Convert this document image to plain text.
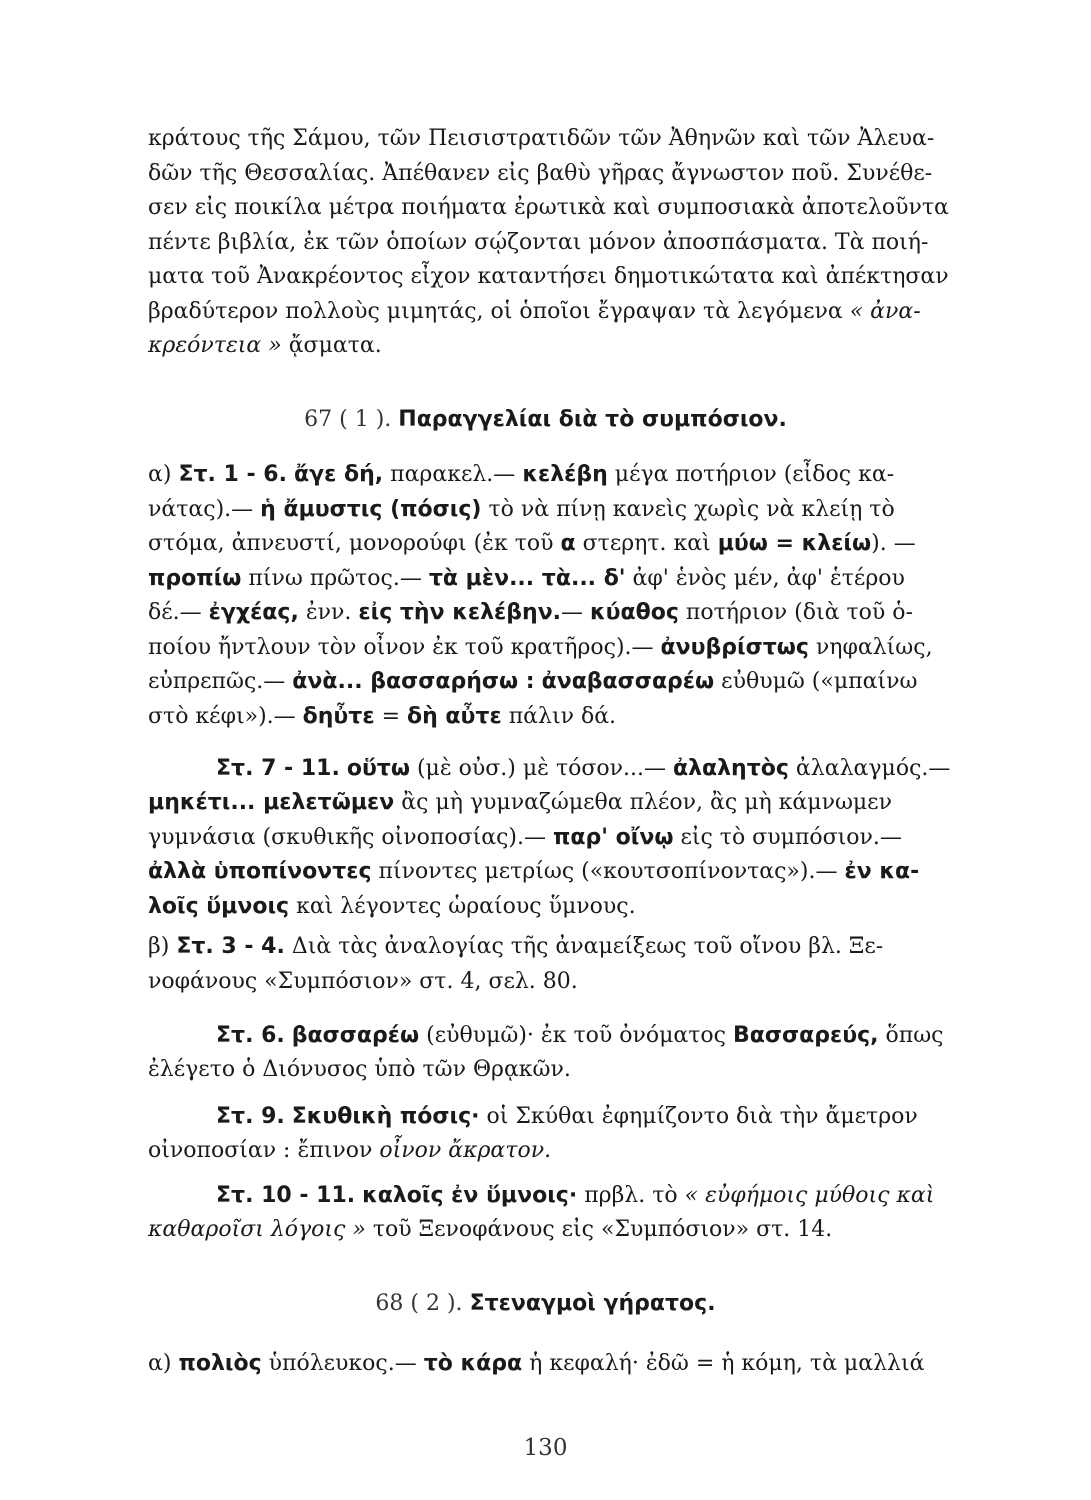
κράτους τῆς Σάμου, τῶν Πεισιστρατιδῶν τῶν Ἀθηνῶν καὶ τῶν Ἀλευα-
δῶν τῆς Θεσσαλίας. Ἀπέθανεν εἰς βαθὺ γῆρας ἄγνωστον ποῦ. Συνέθε-
σεν εἰς ποικίλα μέτρα ποιήματα ἐρωτικὰ καὶ συμποσιακὰ ἀποτελοῦντα
πέντε βιβλία, ἐκ τῶν ὁποίων σῴζονται μόνον ἀποσπάσματα. Τὰ ποιή-
ματα τοῦ Ἀνακρέοντος εἶχον καταντήσει δημοτικώτατα καὶ ἀπέκτησαν
βραδύτερον πολλοὺς μιμητάς, οἱ ὁποῖοι ἔγραψαν τὰ λεγόμενα « ἀνα-
κρεόντεια » ᾄσματα.

67 ( 1 ). Παραγγελίαι διὰ τὸ συμπόσιον.

α) Στ. 1 - 6. ἄγε δή, παρακελ.— κελέβη μέγα ποτήριον (εἶδος κα-
νάτας).— ἡ ἄμυστις (πόσις) τὸ νὰ πίνῃ κανεὶς χωρὶς νὰ κλείῃ τὸ
στόμα, ἀπνευστί, μονορούφι (ἐκ τοῦ α στερητ. καὶ μύω = κλείω). —
προπίω πίνω πρῶτος.— τὰ μὲν... τὰ... δ' ἀφ' ἑνὸς μέν, ἀφ' ἑτέρου
δέ.— ἐγχέας, ἐνν. εἰς τὴν κελέβην.— κύαθος ποτήριον (διὰ τοῦ ὁ-
ποίου ἤντλουν τὸν οἶνον ἐκ τοῦ κρατῆρος).— ἀνυβρίστως νηφαλίως,
εὐπρεπῶς.— ἀνὰ... βασσαρήσω : ἀναβασσαρέω εὐθυμῶ («μπαίνω
στὸ κέφι»).— δηὖτε = δὴ αὖτε πάλιν δά.

Στ. 7 - 11. οὕτω (μὲ οὐσ.) μὲ τόσον...— ἀλαλητὸς ἀλαλαγμός.—

μηκέτι... μελετῶμεν ἂς μὴ γυμναζώμεθα πλέον, ἂς μὴ κάμνωμεν
γυμνάσια (σκυθικῆς οἰνοποσίας).— παρ' οἴνῳ εἰς τὸ συμπόσιον.—
ἀλλὰ ὑποπίνοντες πίνοντες μετρίως («κουτσοπίνοντας»).— ἐν κα-
λοῖς ὕμνοις καὶ λέγοντες ὡραίους ὕμνους.

β) Στ. 3 - 4. Διὰ τὰς ἀναλογίας τῆς ἀναμείξεως τοῦ οἴνου βλ. Ξε-
νοφάνους «Συμπόσιον» στ. 4, σελ. 80.

Στ. 6. βασσαρέω (εὐθυμῶ)· ἐκ τοῦ ὀνόματος Βασσαρεύς, ὅπως

ἐλέγετο ὁ Διόνυσος ὑπὸ τῶν Θρᾳκῶν.

Στ. 9. Σκυθικὴ πόσις· οἱ Σκύθαι ἐφημίζοντο διὰ τὴν ἄμετρον

οἰνοποσίαν : ἔπινον οἶνον ἄκρατον.

Στ. 10 - 11. καλοῖς ἐν ὕμνοις· πρβλ. τὸ « εὐφήμοις μύθοις καὶ

καθαροῖσι λόγοις » τοῦ Ξενοφάνους εἰς «Συμπόσιον» στ. 14.

68 ( 2 ). Στεναγμοὶ γήρατος.

α) πολιὸς ὑπόλευκος.— τὸ κάρα ἡ κεφαλή· ἐδῶ = ἡ κόμη, τὰ μαλλιά

130
